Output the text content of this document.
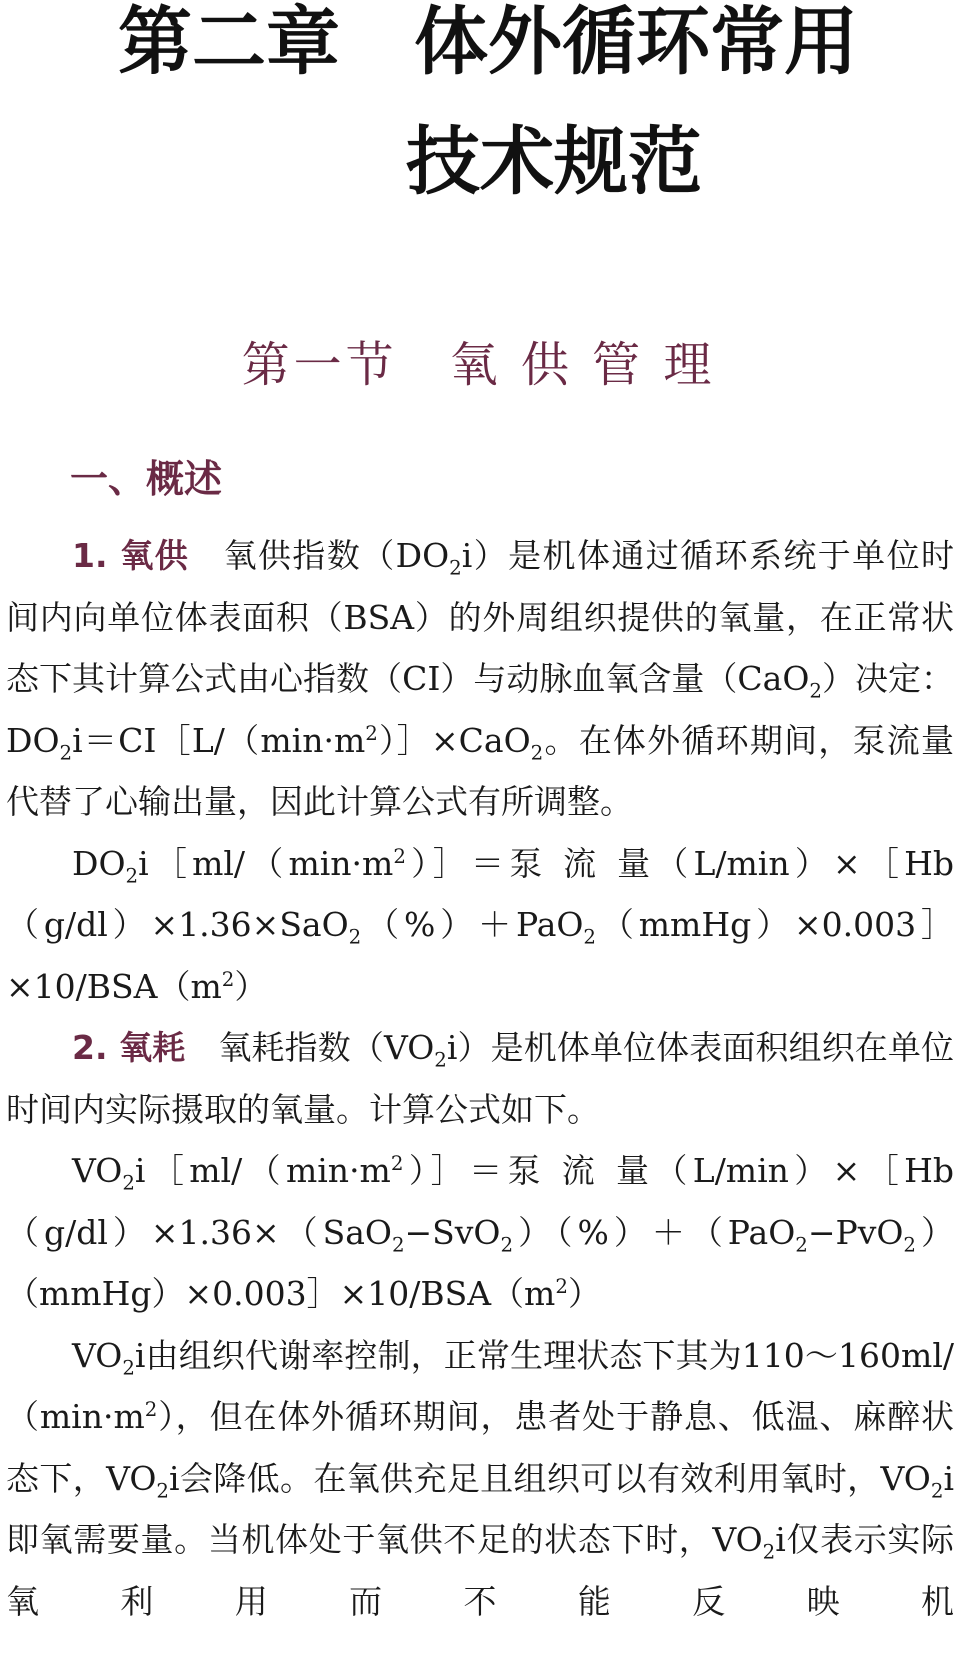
第二章　体外循环常用

技术规范

第一节　氧 供 管 理
一、概述

1. 氧供　 氧供指数$(DO_2i)$是机体通过循环系统于单位时间内向单位体表面积（BSA）的外周组织提供的氧量，在正常状态下其计算公式由心指数（CI）与动脉血氧含量（CaO$_2$）决定：$DO_2i=CI[L/(\min\cdot m^2)]\times CaO_2$。在体外循环期间，泵流量代替了心输出量，因此计算公式有所调整。

$DO_2i[ml/(\min\cdot m^2)]=$泵 流 量$(L/\min)\times[Hb(g/dl)\times 1.36\times SaO_2(\%)+PaO_2(mmHg)\times 0.003]\times 10/BSA(m^2)$

2. 氧耗　 氧耗指数$(VO_2i)$是机体单位体表面积组织在单位时间内实际摄取的氧量。计算公式如下。

$VO_2i[ml/(\min\cdot m^2)]=$泵 流 量$(L/\min)\times[Hb(g/dl)\times 1.36\times(SaO_2-SvO_2)(\%)+(PaO_2-PvO_2)(mmHg)\times 0.003]\times 10/BSA(m^2)$

$VO_2i$由组织代谢率控制，正常生理状态下其为$110\sim 160ml/(\min\cdot m^2)$，但在体外循环期间，患者处于静息、低温、麻醉状态下，$VO_2i$会降低。在氧供充足且组织可以有效利用氧时，$VO_2i$即氧需要量。当机体处于氧供不足的状态下时，$VO_2i$仅表示实际氧利用而不能反映机
